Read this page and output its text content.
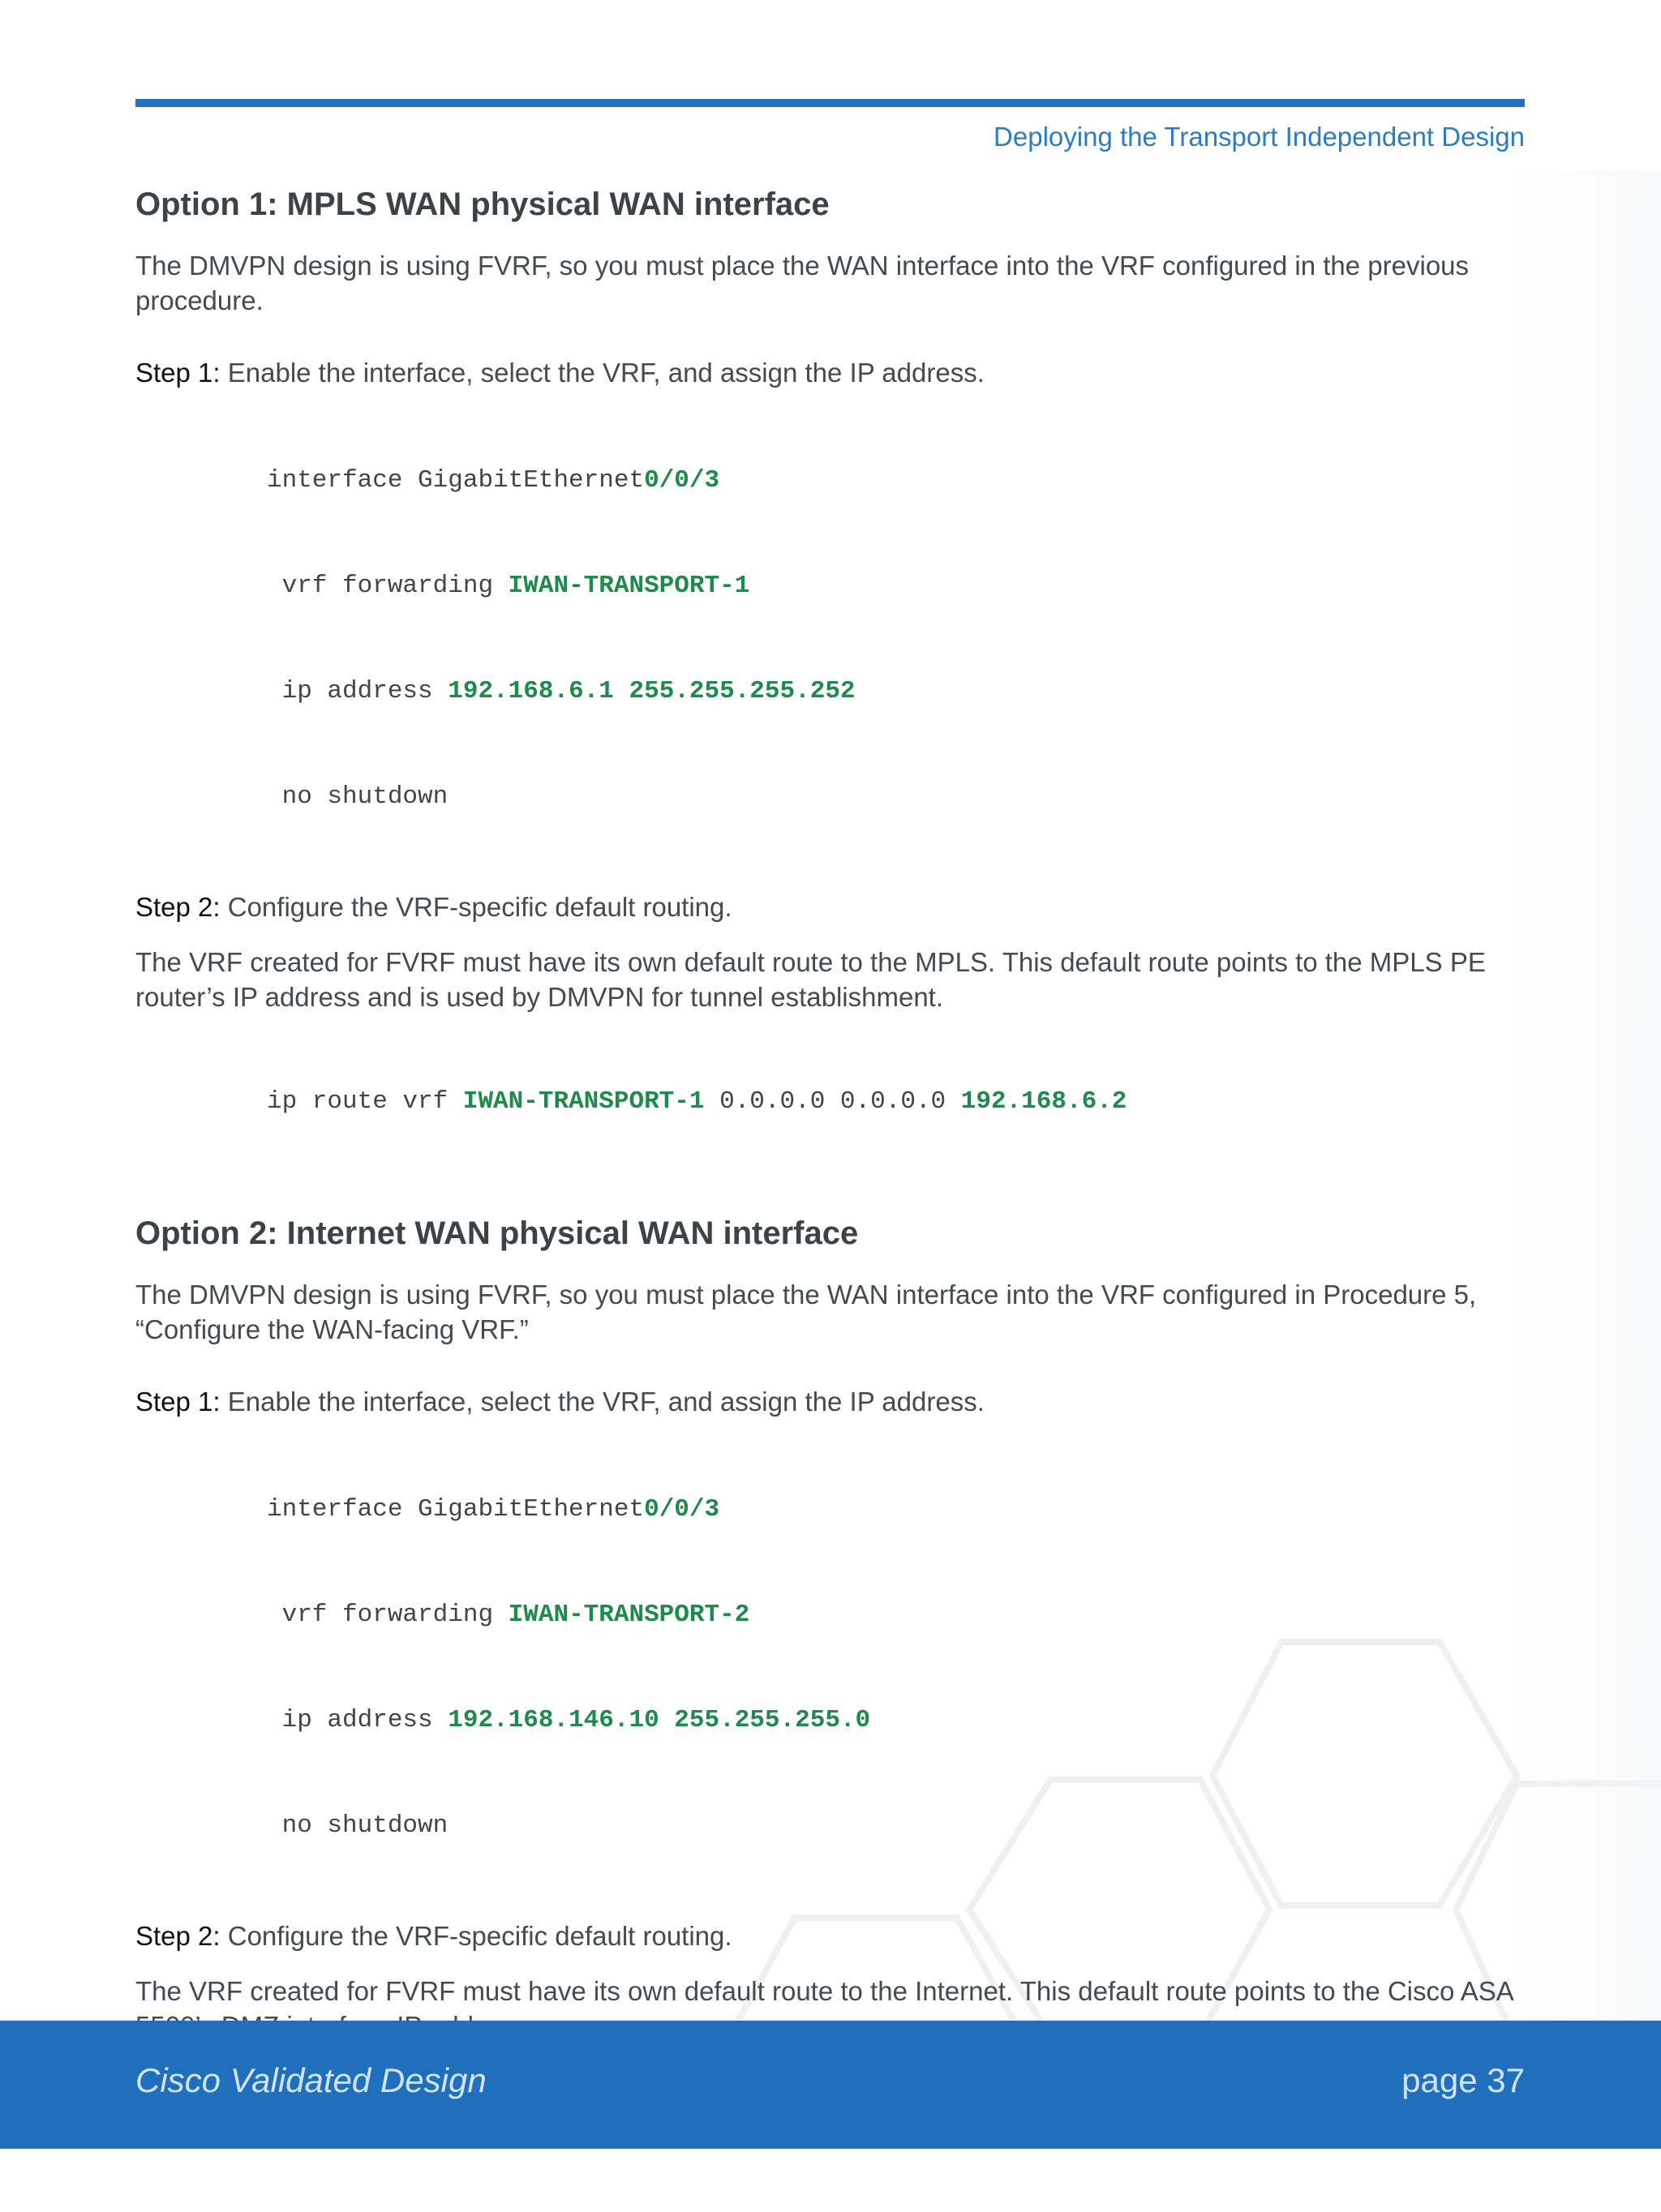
Deploying the Transport Independent Design
Option 1: MPLS WAN physical WAN interface

The DMVPN design is using FVRF, so you must place the WAN interface into the VRF configured in the previous procedure.

Step 1: Enable the interface, select the VRF, and assign the IP address.

interface GigabitEthernet0/0/3

vrf forwarding IWAN-TRANSPORT-1

ip address 192.168.6.1 255.255.255.252

no shutdown

Step 2: Configure the VRF-specific default routing.

The VRF created for FVRF must have its own default route to the MPLS. This default route points to the MPLS PE router’s IP address and is used by DMVPN for tunnel establishment.

ip route vrf IWAN-TRANSPORT-1 0.0.0.0 0.0.0.0 192.168.6.2

Option 2: Internet WAN physical WAN interface

The DMVPN design is using FVRF, so you must place the WAN interface into the VRF configured in Procedure 5, “Configure the WAN-facing VRF.”

Step 1: Enable the interface, select the VRF, and assign the IP address.

interface GigabitEthernet0/0/3

vrf forwarding IWAN-TRANSPORT-2

ip address 192.168.146.10 255.255.255.0

no shutdown

Step 2: Configure the VRF-specific default routing.

The VRF created for FVRF must have its own default route to the Internet. This default route points to the Cisco ASA

Cisco Validated Design	page 37
